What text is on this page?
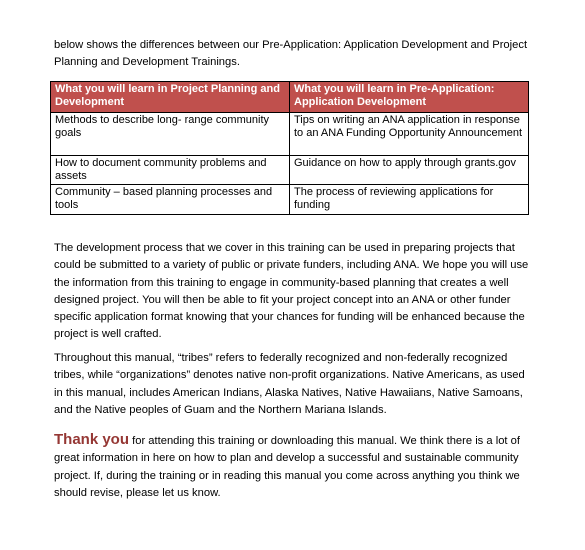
below shows the differences between our Pre-Application: Application Development and Project Planning and Development Trainings.

What you will learn in Project Planning and Development	What you will learn in Pre-Application: Application Development
Methods to describe long- range community goals	Tips on writing an ANA application in response to an ANA Funding Opportunity Announcement
How to document community problems and assets	Guidance on how to apply through grants.gov
Community – based planning processes and tools	The process of reviewing applications for funding

The development process that we cover in this training can be used in preparing projects that could be submitted to a variety of public or private funders, including ANA. We hope you will use the information from this training to engage in community-based planning that creates a well designed project. You will then be able to fit your project concept into an ANA or other funder specific application format knowing that your chances for funding will be enhanced because the project is well crafted.

Throughout this manual, “tribes” refers to federally recognized and non-federally recognized tribes, while “organizations” denotes native non-profit organizations. Native Americans, as used in this manual, includes American Indians, Alaska Natives, Native Hawaiians, Native Samoans, and the Native peoples of Guam and the Northern Mariana Islands.

Thank you for attending this training or downloading this manual. We think there is a lot of great information in here on how to plan and develop a successful and sustainable community project. If, during the training or in reading this manual you come across anything you think we should revise, please let us know.
